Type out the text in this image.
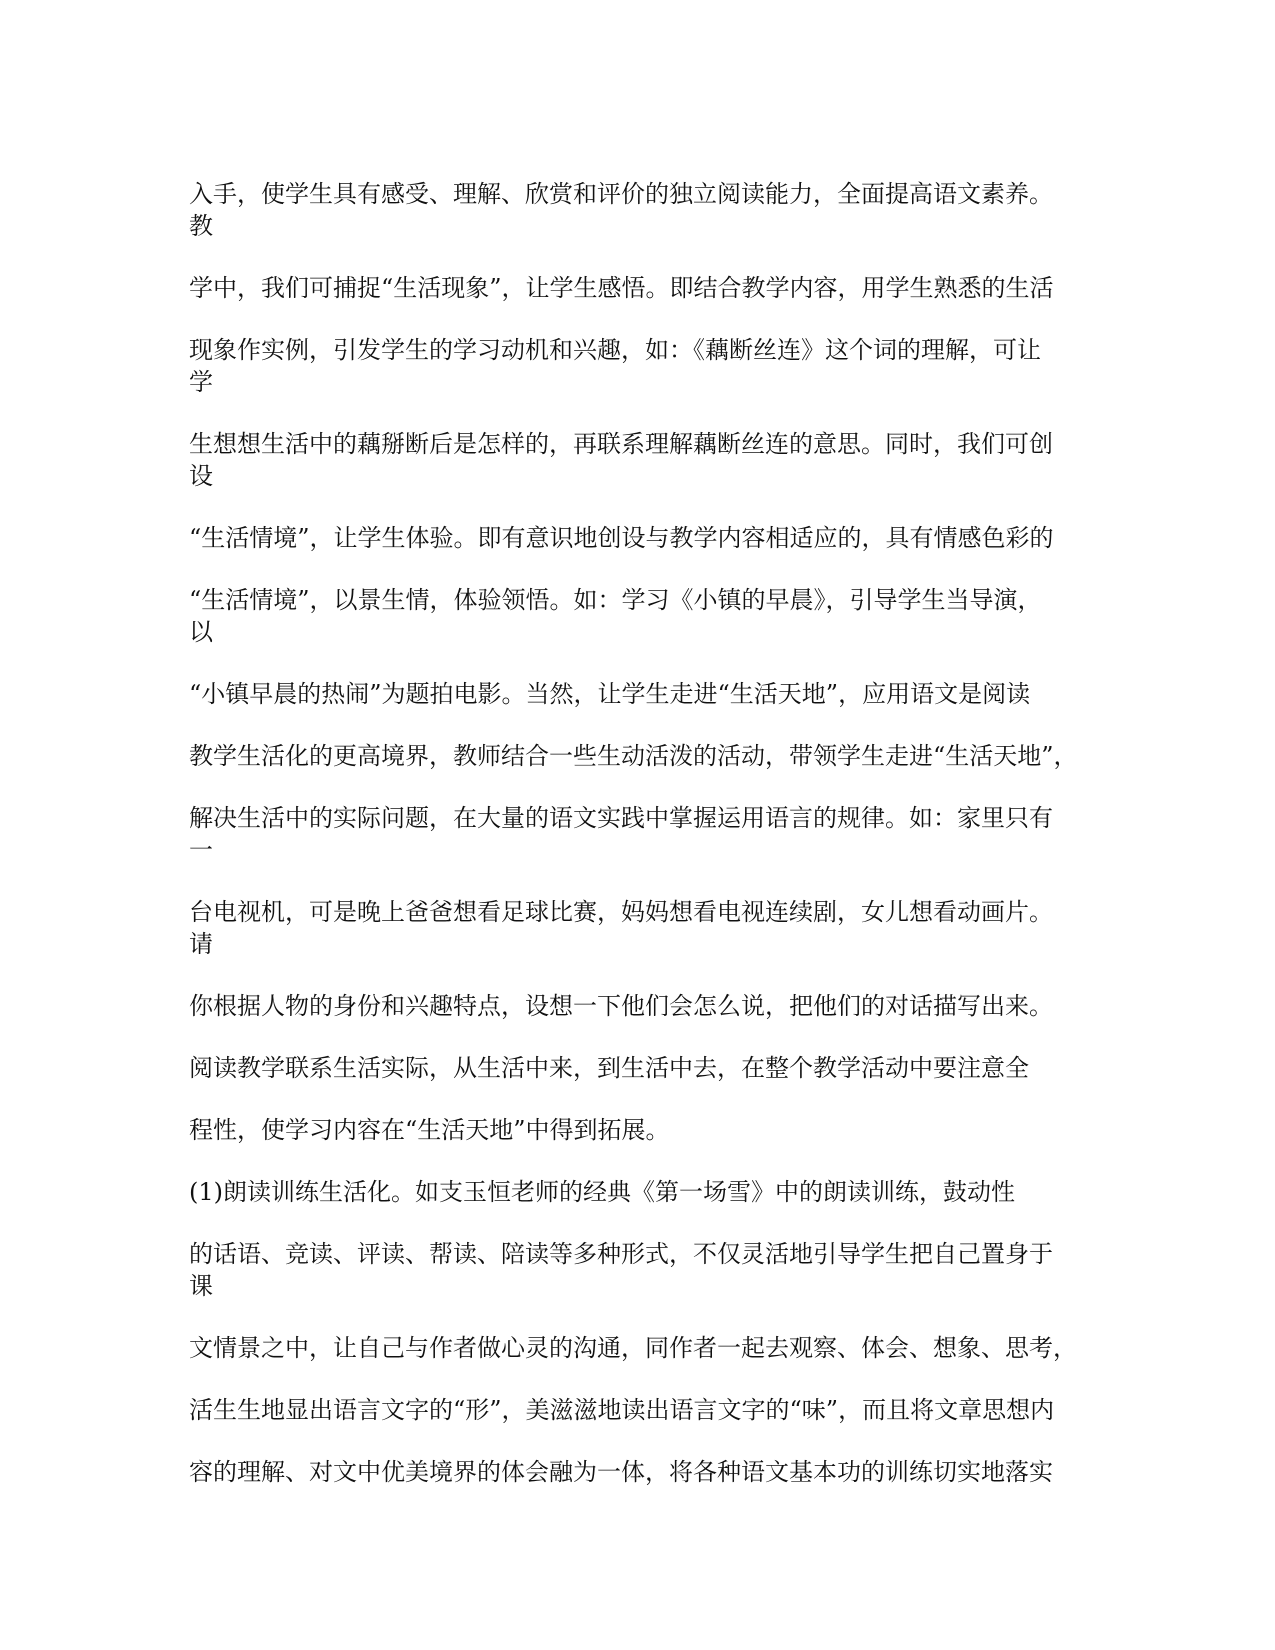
入手，使学生具有感受、理解、欣赏和评价的独立阅读能力，全面提高语文素养。
教
学中，我们可捕捉“生活现象”，让学生感悟。即结合教学内容，用学生熟悉的生活
现象作实例，引发学生的学习动机和兴趣，如：《藕断丝连》这个词的理解，可让
学
生想想生活中的藕掰断后是怎样的，再联系理解藕断丝连的意思。同时，我们可创
设
“生活情境”，让学生体验。即有意识地创设与教学内容相适应的，具有情感色彩的
“生活情境”，以景生情，体验领悟。如：学习《小镇的早晨》，引导学生当导演，
以
“小镇早晨的热闹”为题拍电影。当然，让学生走进“生活天地”，应用语文是阅读
教学生活化的更高境界，教师结合一些生动活泼的活动，带领学生走进“生活天地”，
解决生活中的实际问题，在大量的语文实践中掌握运用语言的规律。如：家里只有
一
台电视机，可是晚上爸爸想看足球比赛，妈妈想看电视连续剧，女儿想看动画片。
请
你根据人物的身份和兴趣特点，设想一下他们会怎么说，把他们的对话描写出来。
阅读教学联系生活实际，从生活中来，到生活中去，在整个教学活动中要注意全
程性，使学习内容在“生活天地”中得到拓展。
(1)朗读训练生活化。如支玉恒老师的经典《第一场雪》中的朗读训练，鼓动性
的话语、竞读、评读、帮读、陪读等多种形式，不仅灵活地引导学生把自己置身于
课
文情景之中，让自己与作者做心灵的沟通，同作者一起去观察、体会、想象、思考，
活生生地显出语言文字的“形”，美滋滋地读出语言文字的“味”，而且将文章思想内
容的理解、对文中优美境界的体会融为一体，将各种语文基本功的训练切实地落实
